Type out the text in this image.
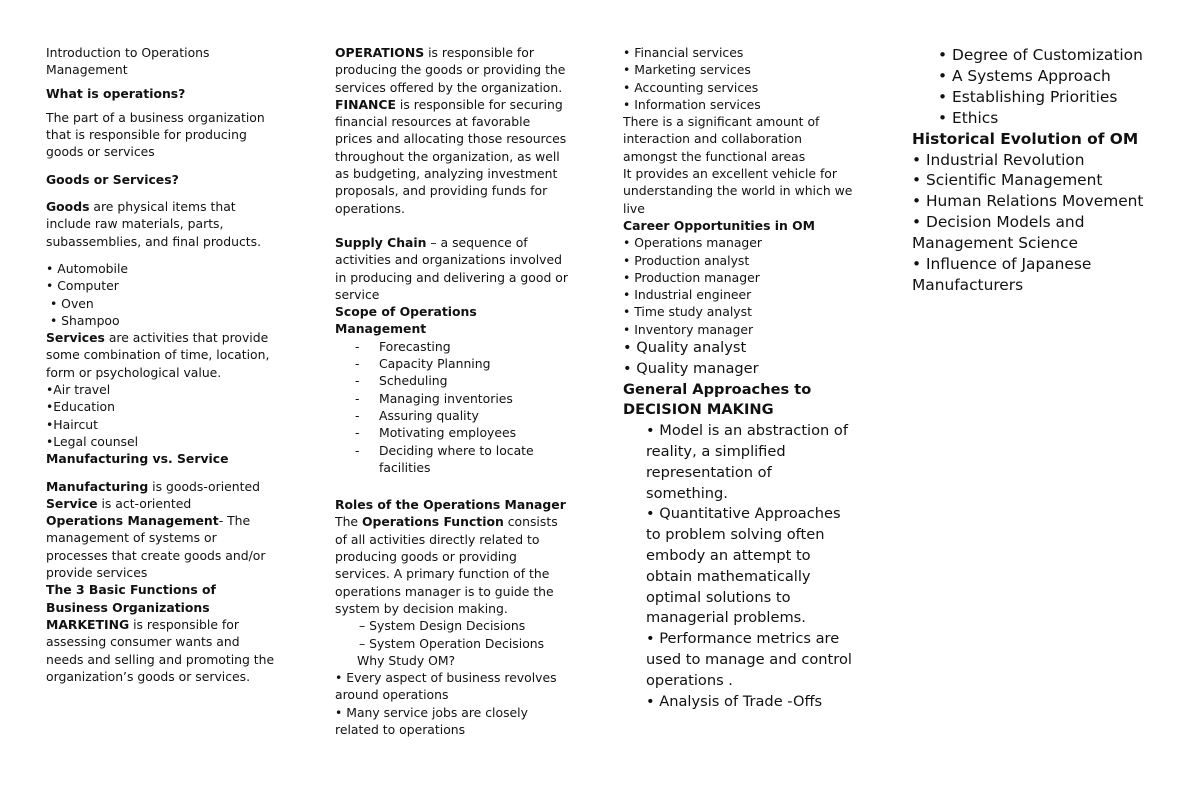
Introduction to Operations
Management
What is operations?
The part of a business organization
that is responsible for producing
goods or services
Goods or Services?
Goods are physical items that
include raw materials, parts,
subassemblies, and final products.
• Automobile
• Computer
• Oven
• Shampoo
Services are activities that provide
some combination of time, location,
form or psychological value.
•Air travel
•Education
•Haircut
•Legal counsel
Manufacturing vs. Service
Manufacturing is goods-oriented
Service is act-oriented
Operations Management- The
management of systems or
processes that create goods and/or
provide services
The 3 Basic Functions of
Business Organizations
MARKETING is responsible for
assessing consumer wants and
needs and selling and promoting the
organization’s goods or services.
OPERATIONS is responsible for
producing the goods or providing the
services offered by the organization.
FINANCE is responsible for securing
financial resources at favorable
prices and allocating those resources
throughout the organization, as well
as budgeting, analyzing investment
proposals, and providing funds for
operations.
Supply Chain – a sequence of
activities and organizations involved
in producing and delivering a good or
service
Scope of Operations
Management
-	Forecasting
-	Capacity Planning
-	Scheduling
-	Managing inventories
-	Assuring quality
-	Motivating employees
-	Deciding where to locate
facilities
Roles of the Operations Manager
The Operations Function consists
of all activities directly related to
producing goods or providing
services. A primary function of the
operations manager is to guide the
system by decision making.
– System Design Decisions
– System Operation Decisions
Why Study OM?
• Every aspect of business revolves
around operations
• Many service jobs are closely
related to operations
• Financial services
• Marketing services
• Accounting services
• Information services
There is a significant amount of
interaction and collaboration
amongst the functional areas
It provides an excellent vehicle for
understanding the world in which we
live
Career Opportunities in OM
• Operations manager
• Production analyst
• Production manager
• Industrial engineer
• Time study analyst
• Inventory manager
• Quality analyst
• Quality manager
General Approaches to
DECISION MAKING
• Model is an abstraction of
reality, a simplified
representation of
something.
• Quantitative Approaches
to problem solving often
embody an attempt to
obtain mathematically
optimal solutions to
managerial problems.
• Performance metrics are
used to manage and control
operations .
• Analysis of Trade -Offs
• Degree of Customization
• A Systems Approach
• Establishing Priorities
• Ethics
Historical Evolution of OM
• Industrial Revolution
• Scientific Management
• Human Relations Movement
• Decision Models and
Management Science
• Influence of Japanese
Manufacturers
